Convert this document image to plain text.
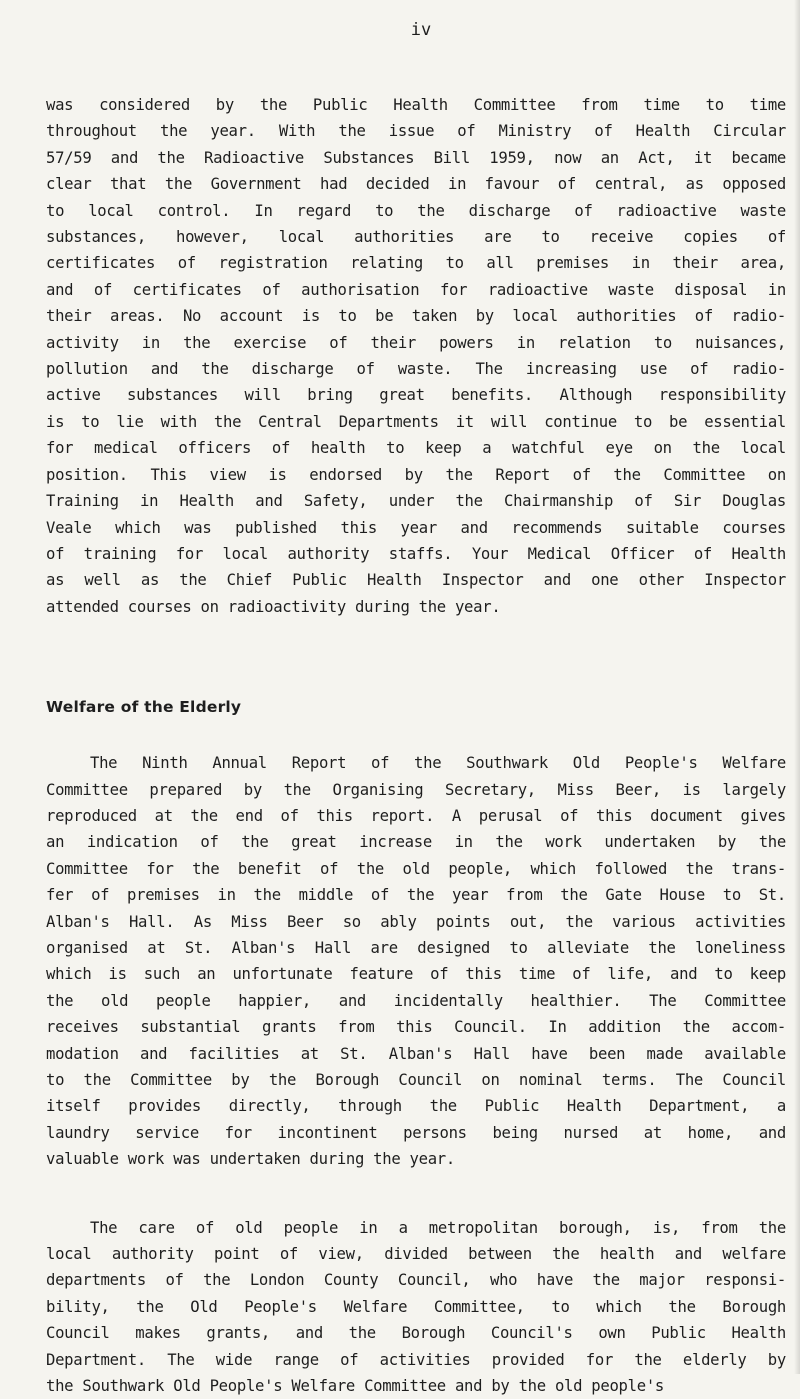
iv
was considered by the Public Health Committee from time to time
throughout the year. With the issue of Ministry of Health Circular
57/59 and the Radioactive Substances Bill 1959, now an Act, it became
clear that the Government had decided in favour of central, as opposed
to local control. In regard to the discharge of radioactive waste
substances, however, local authorities are to receive copies of
certificates of registration relating to all premises in their area,
and of certificates of authorisation for radioactive waste disposal in
their areas. No account is to be taken by local authorities of radio-
activity in the exercise of their powers in relation to nuisances,
pollution and the discharge of waste. The increasing use of radio-
active substances will bring great benefits. Although responsibility
is to lie with the Central Departments it will continue to be essential
for medical officers of health to keep a watchful eye on the local
position. This view is endorsed by the Report of the Committee on
Training in Health and Safety, under the Chairmanship of Sir Douglas
Veale which was published this year and recommends suitable courses
of training for local authority staffs. Your Medical Officer of Health
as well as the Chief Public Health Inspector and one other Inspector
attended courses on radioactivity during the year.
Welfare of the Elderly
The Ninth Annual Report of the Southwark Old People's Welfare
Committee prepared by the Organising Secretary, Miss Beer, is largely
reproduced at the end of this report. A perusal of this document gives
an indication of the great increase in the work undertaken by the
Committee for the benefit of the old people, which followed the trans-
fer of premises in the middle of the year from the Gate House to St.
Alban's Hall. As Miss Beer so ably points out, the various activities
organised at St. Alban's Hall are designed to alleviate the loneliness
which is such an unfortunate feature of this time of life, and to keep
the old people happier, and incidentally healthier. The Committee
receives substantial grants from this Council. In addition the accom-
modation and facilities at St. Alban's Hall have been made available
to the Committee by the Borough Council on nominal terms. The Council
itself provides directly, through the Public Health Department, a
laundry service for incontinent persons being nursed at home, and
valuable work was undertaken during the year.
The care of old people in a metropolitan borough, is, from the
local authority point of view, divided between the health and welfare
departments of the London County Council, who have the major responsi-
bility, the Old People's Welfare Committee, to which the Borough
Council makes grants, and the Borough Council's own Public Health
Department. The wide range of activities provided for the elderly by
the Southwark Old People's Welfare Committee and by the old people's
